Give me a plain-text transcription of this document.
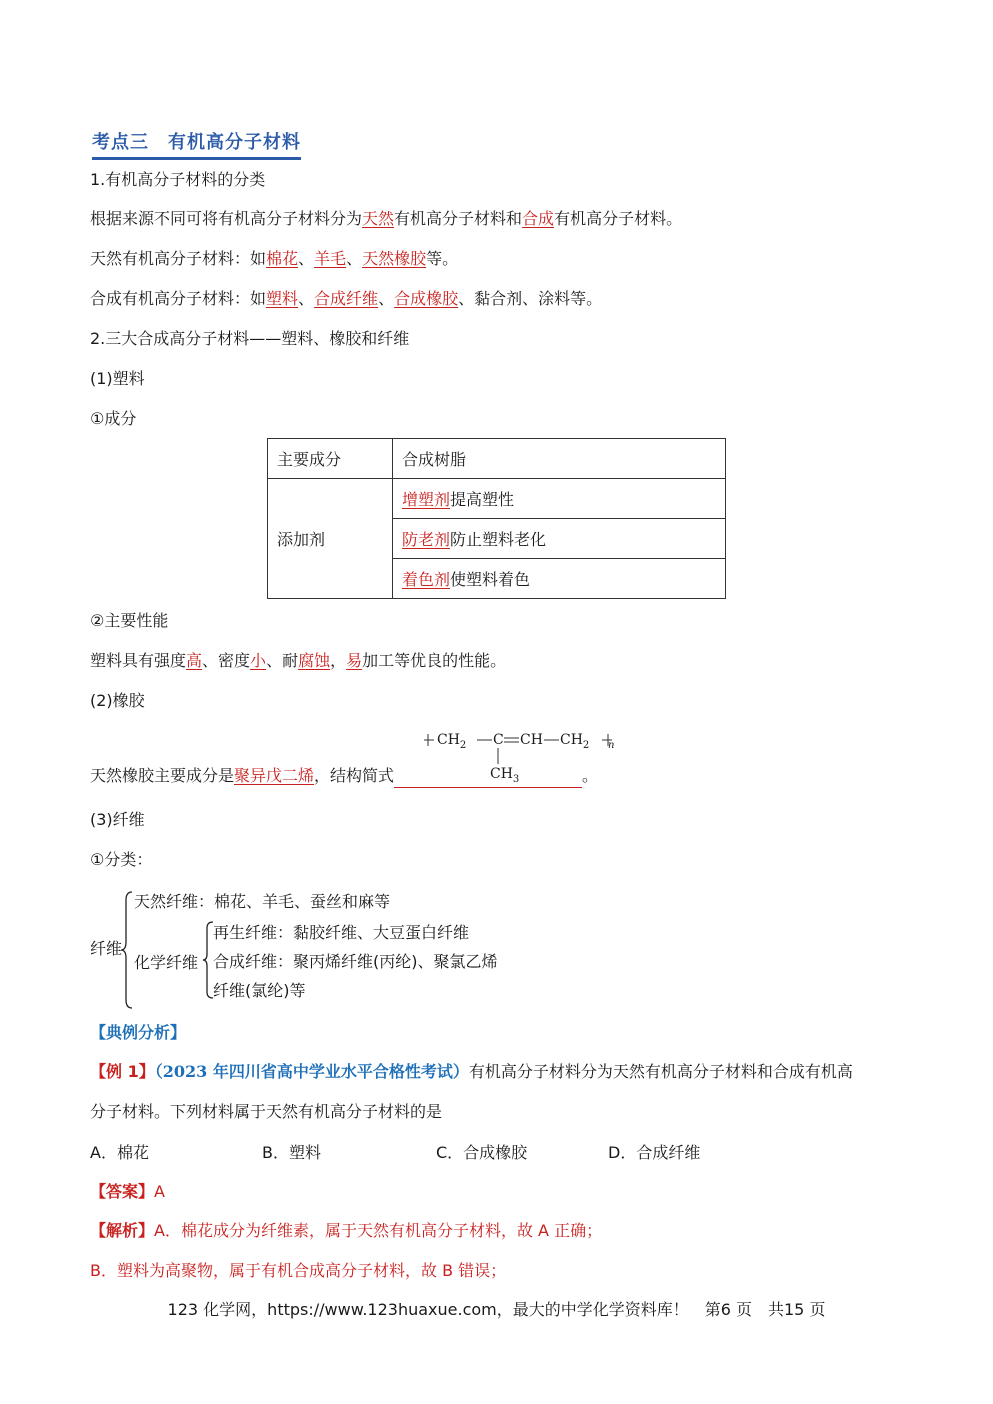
考点三　有机高分子材料
1.有机高分子材料的分类
根据来源不同可将有机高分子材料分为天然有机高分子材料和合成有机高分子材料。
天然有机高分子材料：如棉花、羊毛、天然橡胶等。
合成有机高分子材料：如塑料、合成纤维、合成橡胶、黏合剂、涂料等。
2.三大合成高分子材料——塑料、橡胶和纤维
(1)塑料
①成分
主要成分	合成树脂
添加剂	增塑剂提高塑性
	防老剂防止塑料老化
	着色剂使塑料着色
②主要性能
塑料具有强度高、密度小、耐腐蚀，易加工等优良的性能。
(2)橡胶
$CH_2$ C CH $CH_2$ n
$CH_3$
天然橡胶主要成分是聚异戊二烯，结构简式	。
(3)纤维
①分类：
纤维
天然纤维：棉花、羊毛、蚕丝和麻等
化学纤维
再生纤维：黏胶纤维、大豆蛋白纤维
合成纤维：聚丙烯纤维(丙纶)、聚氯乙烯
纤维(氯纶)等
【典例分析】
【例 1】（2023 年四川省高中学业水平合格性考试）有机高分子材料分为天然有机高分子材料和合成有机高
分子材料。下列材料属于天然有机高分子材料的是
A．棉花	B．塑料	C．合成橡胶	D．合成纤维
【答案】A
【解析】A．棉花成分为纤维素，属于天然有机高分子材料，故 A 正确；
B．塑料为高聚物，属于有机合成高分子材料，故 B 错误；
123 化学网，https://www.123huaxue.com，最大的中学化学资料库！　第6 页　共15 页
